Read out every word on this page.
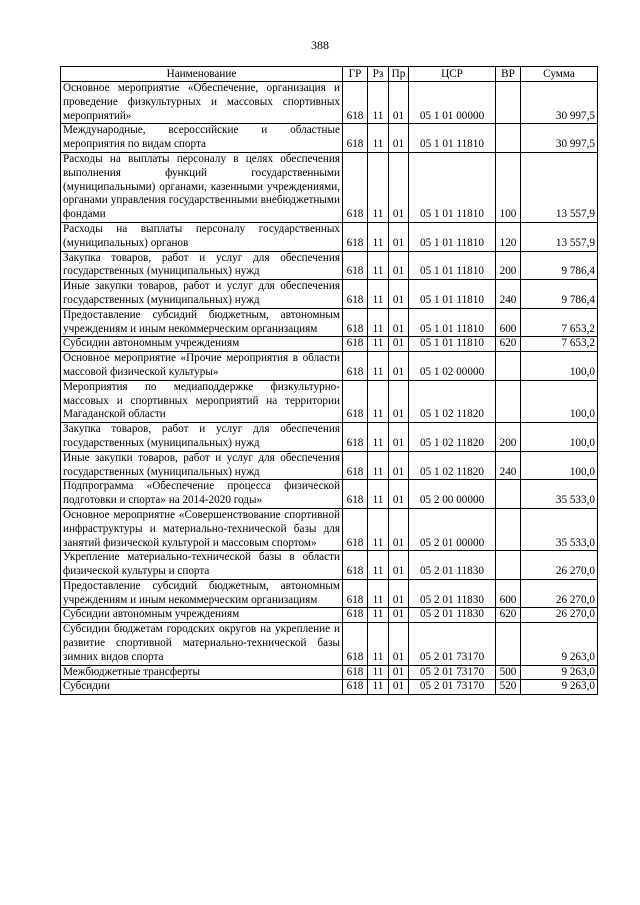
388
Наименование	ГР	Рз	Пр	ЦСР	ВР	Сумма
Основное мероприятие «Обеспечение, организация и проведение физкультурных и массовых спортивных мероприятий»	618	11	01	05 1 01 00000		30 997,5
Международные, всероссийские и областные мероприятия по видам спорта	618	11	01	05 1 01 11810		30 997,5
Расходы на выплаты персоналу в целях обеспечения выполнения функций государственными (муниципальными) органами, казенными учреждениями, органами управления государственными внебюджетными фондами	618	11	01	05 1 01 11810	100	13 557,9
Расходы на выплаты персоналу государственных (муниципальных) органов	618	11	01	05 1 01 11810	120	13 557,9
Закупка товаров, работ и услуг для обеспечения государственных (муниципальных) нужд	618	11	01	05 1 01 11810	200	9 786,4
Иные закупки товаров, работ и услуг для обеспечения государственных (муниципальных) нужд	618	11	01	05 1 01 11810	240	9 786,4
Предоставление субсидий бюджетным, автономным учреждениям и иным некоммерческим организациям	618	11	01	05 1 01 11810	600	7 653,2
Субсидии автономным учреждениям	618	11	01	05 1 01 11810	620	7 653,2
Основное мероприятие «Прочие мероприятия в области массовой физической культуры»	618	11	01	05 1 02 00000		100,0
Мероприятия по медиаподдержке физкультурно-массовых и спортивных мероприятий на территории Магаданской области	618	11	01	05 1 02 11820		100,0
Закупка товаров, работ и услуг для обеспечения государственных (муниципальных) нужд	618	11	01	05 1 02 11820	200	100,0
Иные закупки товаров, работ и услуг для обеспечения государственных (муниципальных) нужд	618	11	01	05 1 02 11820	240	100,0
Подпрограмма «Обеспечение процесса физической подготовки и спорта» на 2014-2020 годы»	618	11	01	05 2 00 00000		35 533,0
Основное мероприятие «Совершенствование спортивной инфраструктуры и материально-технической базы для занятий физической культурой и массовым спортом»	618	11	01	05 2 01 00000		35 533,0
Укрепление материально-технической базы в области физической культуры и спорта	618	11	01	05 2 01 11830		26 270,0
Предоставление субсидий бюджетным, автономным учреждениям и иным некоммерческим организациям	618	11	01	05 2 01 11830	600	26 270,0
Субсидии автономным учреждениям	618	11	01	05 2 01 11830	620	26 270,0
Субсидии бюджетам городских округов на укрепление и развитие спортивной материально-технической базы зимних видов спорта	618	11	01	05 2 01 73170		9 263,0
Межбюджетные трансферты	618	11	01	05 2 01 73170	500	9 263,0
Субсидии	618	11	01	05 2 01 73170	520	9 263,0
